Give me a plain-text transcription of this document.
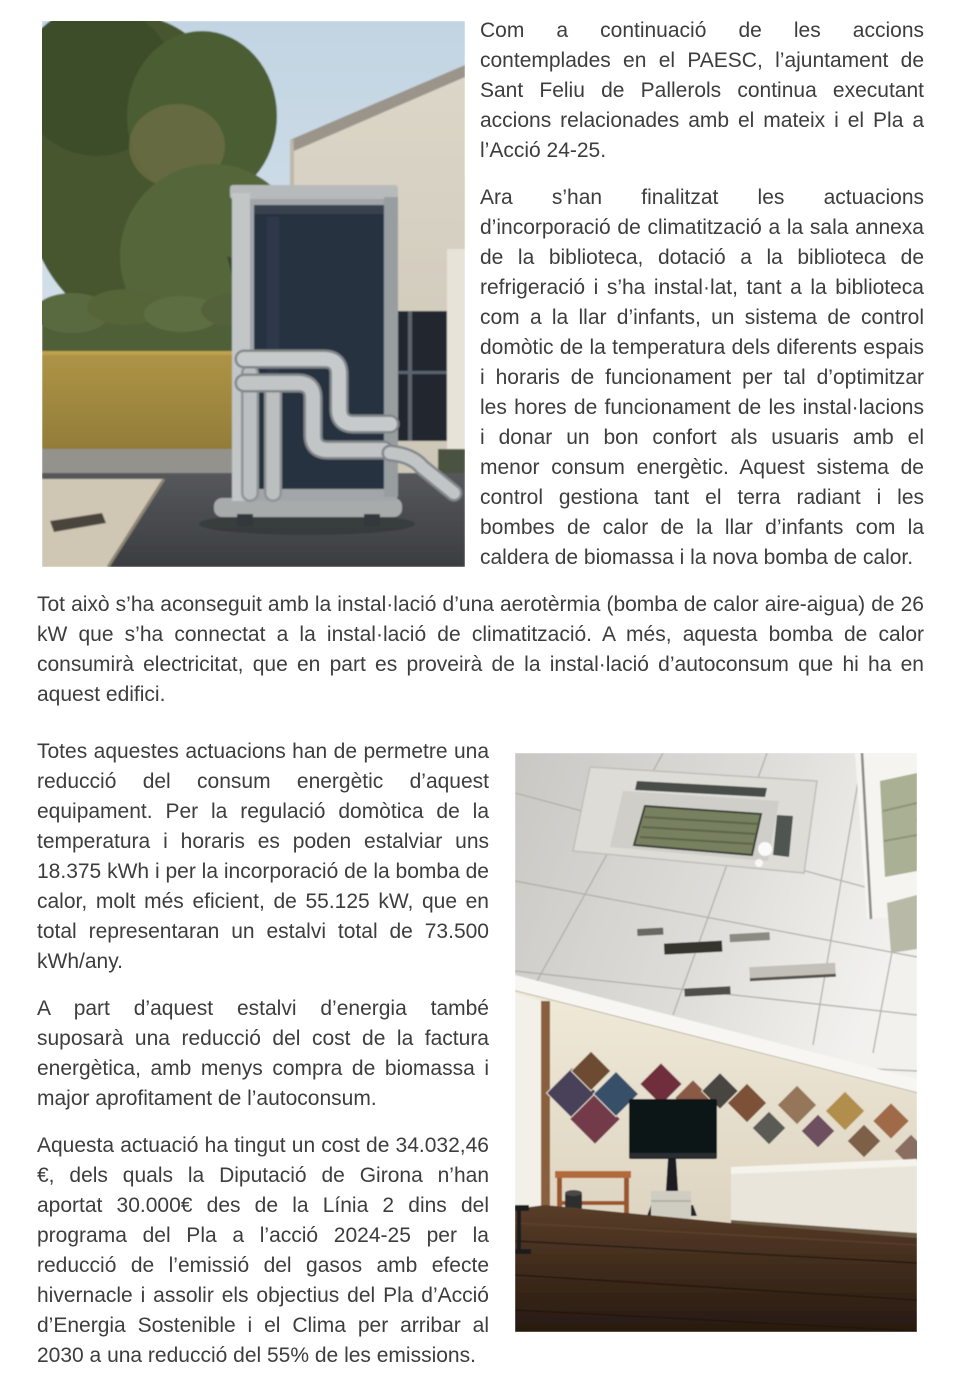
Com a continuació de les accions contemplades en el PAESC, l’ajuntament de Sant Feliu de Pallerols continua executant accions relacionades amb el mateix i el Pla a l’Acció 24-25.

Ara s’han finalitzat les actuacions d’incorporació de climatització a la sala annexa de la biblioteca, dotació a la biblioteca de refrigeració i s’ha instal·lat, tant a la biblioteca com a la llar d’infants, un sistema de control domòtic de la temperatura dels diferents espais i horaris de funcionament per tal d’optimitzar les hores de funcionament de les instal·lacions i donar un bon confort als usuaris amb el menor consum energètic. Aquest sistema de control gestiona tant el terra radiant i les bombes de calor de la llar d’infants com la caldera de biomassa i la nova bomba de calor.

Tot això s’ha aconseguit amb la instal·lació d’una aerotèrmia (bomba de calor aire-aigua) de 26 kW que s’ha connectat a la instal·lació de climatització. A més, aquesta bomba de calor consumirà electricitat, que en part es proveirà de la instal·lació d’autoconsum que hi ha en aquest edifici.

Totes aquestes actuacions han de permetre una reducció del consum energètic d’aquest equipament. Per la regulació domòtica de la temperatura i horaris es poden estalviar uns 18.375 kWh i per la incorporació de la bomba de calor, molt més eficient, de 55.125 kW, que en total representaran un estalvi total de 73.500 kWh/any.

A part d’aquest estalvi d’energia també suposarà una reducció del cost de la factura energètica, amb menys compra de biomassa i major aprofitament de l’autoconsum.

Aquesta actuació ha tingut un cost de 34.032,46 €, dels quals la Diputació de Girona n’han aportat 30.000€ des de la Línia 2 dins del programa del Pla a l’acció 2024-25 per la reducció de l’emissió del gasos amb efecte hivernacle i assolir els objectius del Pla d’Acció d’Energia Sostenible i el Clima per arribar al 2030 a una reducció del 55% de les emissions.
